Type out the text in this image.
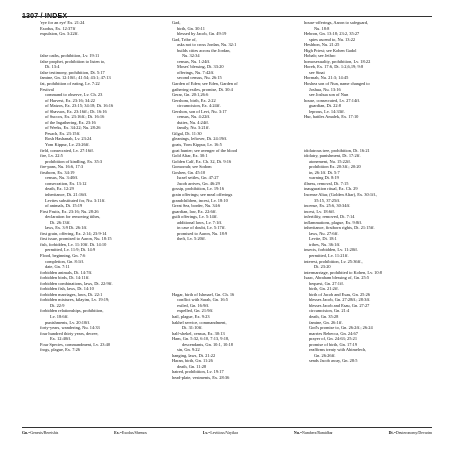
1307 / INDEX
'eye for an eye' Ex. 21:24
Exodus, Ex. 12:37ff
expulsion, Gn. 3:22ff.
false oaths, prohibition, Lv. 19:11
false prophet, prohibition to listen to,
Dt. 13:4
false testimony, prohibition, Dt. 5:17
famine, Gn. 12:10ff.; 41:54; 43:1; 47:13
fat, prohibition of eating, Lv. 7:22
Festival
command to observe, Lv. Ch. 23
of Harvest, Ex. 23:16; 34:22
of Matzos, Ex. 23:15; 34:18; Dt. 16:16
of Shavuos, Ex. 23:16ff.; Dt. 16:16
of Succos, Ex. 23:16ff.; Dt. 16:16
of the Ingathering, Ex. 23:16
of Weeks, Ex. 34:22; Nu. 28:26
Pesach, Ex. 23:15ff.
Rosh Hashanah, Lv. 23:24
Yom Kippur, Lv. 23:26ff.
field, consecrated, Lv. 27:16ff.
fire, Lv. 22:5
prohibition of kindling, Ex. 35:3
fire-pans, Nu. 16:6, 17:3
firstborn, Ex. 34:19
census, Nu. 3:40ff.
consecration, Ex. 13:12
death, Ex. 12:29
inheritance, Dt. 21:16ff.
Levites substituted for, Nu. 3:11ff.
of animals, Dt. 15:19
First Fruits, Ex. 23:16; Nu. 28:26
declaration for removing tithes,
Dt. 26:13ff.
laws, Ex. 3:9 Dt. 26:1ff.
first grain, offering, Ex. 2:14; 23:9-14
first issue, promised to Aaron, Nu. 18:15
fish, forbidden, Lv. 11:10ff. Dt. 14:10
permitted, Lv. 11:9; Dt. 14:9
Flood, beginning, Gn. 7:6
completion, Gn. 8:1ff.
date, Gn. 7:11
forbidden animals, Dt. 14:7ff.
forbidden birds, Dt. 14:11ff.
forbidden combinations, laws, Dt. 22:9ff.
forbidden fish, laws, Dt. 14:10
forbidden marriages, laws, Dt. 22:1
forbidden mixtures, kilayim, Lv. 19:19;
Dt. 22:9
forbidden relationships, prohibition,
Lv. 18:6ff.
punishments, Lv. 20:10ff.
forty-years, wandering, Nu. 14:33
four hundred thirty years, decree,
Ex. 12:40ff.
Four Species, commandment, Lv. 23:40
frogs, plague, Ex. 7:26
Gad,
birth, Gn. 30:11
blessed by Jacob, Gn. 49:19
Gad, Tribe of,
asks not to cross Jordan, Nu. 32:1
builds cities across the Jordan,
Nu. 32:34
census, Nu. 1:24ff.
Moses' blessing, Dt. 33:20
offerings, Nu. 7:42ff.
second census, Nu. 26:15
Garden of Eden; see Eden, Garden of
gathering exiles, promise, Dt. 30:4
Gerar, Gn. 20:1,26:6
Gershom, birth, Ex. 2:22
circumcision, Ex. 4:24ff.
Gershon, son of Levi, Nu. 3:17
census, Nu. 4:22ff.
duties, Nu. 4:24ff.
family, Nu. 3:21ff.
Gilgal, Dt. 11:30
gleanings, leftover, Dt. 24:19ff.
goats, Yom Kippur, Lv. 16:5
goat hunter; see avenger of the blood
Gold Altar, Ex. 30:1
Golden Calf, Ex. Ch. 32, Dt. 9:16
Gomorrah; see Sodom
Goshen, Gn. 45:10
Israel settles, Gn. 47:27
Jacob arrives, Gn. 46:29
gossip, prohibition, Lv. 19:16
grain offerings; see meal offerings
grandchildren, incest, Lv. 18:10
Great Sea, border, Nu. 34:6
guardian, law, Ex. 22:6ff.
guilt offerings, Lv. 5:14ff.
additional laws, Lv. 7:1ff.
in case of doubt, Lv. 5:17ff.
promised to Aaron, Nu. 18:9
theft, Lv. 5:20ff.
Hagar, birth of Ishmael, Gn. Ch. 16
conflict with Sarah, Gn. 16:5
exiled, Gn. 16:9ff.
expelled, Gn. 21:9ff.
hail, plague, Ex. 9:23
hakhel service, commandment,
Dt. 31:10ff.
half-shekel, census, Ex. 30:13
Ham, Gn. 5:32, 6:10, 7:13, 9:18,
descendants, Gn. 10:1, 10:18
sin, Gn. 9:22
hanging, laws, Dt. 21:22
Haran, birth, Gn. 11:26
death, Gn. 11:28
hatred, prohibition, Lv. 19:17
head-plate, vestments, Ex. 28:36
house-offerings, Aaron to safeguard,
Nu. 18:8
Hebron, Gn. 13:18; 23:2, 35:27
spies ascend to, Nu. 13:22
Heshbon, Nu. 21:25
High Priest; see Kohen Gadol
Hobab; see Jethro
homosexuality, prohibition, Lv. 18:22
Horeb, Ex. 17:6, Dt. 1:2,6,19; 9:8
see Sinai
Hormah, Nu. 21:3; 14:45
Hoshea son of Nun, name changed to
Joshua, Nu. 13:16
see Joshua son of Nun
house, consecrated, Lv. 27:14ff.
guardian, Dt. 22:8
leprous, Lv. 14:33ff.
Hur, battles Amalek, Ex. 17:10
idolatrous tree, prohibition, Dt. 16:21
idolatry, punishment, Dt. 17:2ff.
atonement, Nu. 15:22ff.
prohibition Ex. 20:3ff.; 20:20
in, 26:1ff. Dt. 5:7
warning Dt. 8:19
illness, removal, Dt. 7:15
inauguration ritual, Ex. Ch. 29
Incense Altar, (Golden Altar), Ex. 30:1ff.,
35:15, 37:25ff.
incense, Ex. 25:6, 30:34ff.
incest, Lv. 18:6ff.
infertility, removed, Dt. 7:14
inflammations, plague, Ex. 9:8ff.
inheritance, firstborn rights, Dt. 21:15ff.
laws, Nu. 27:6ff.
Levite, Dt. 18:1
tribes, Nu. 36:1ff.
insects, forbidden, Lv. 11:20ff.
permitted, Lv. 11:21ff.
interest, prohibition, Lv. 25:36ff.,
Dt. 23:20
intermarriage, prohibited to Kohen, Lv. 10:8
Isaac, Abraham blessing of, Gn. 25:5
bequest, Gn. 27:1ff.
birth, Gn. 21:2ff.
birth of Jacob and Esau, Gn. 25:26
blesses Jacob, Gn. 27:28ff.; 28:3ff.
blesses Jacob and Esau, Gn. 27:27
circumcision, Gn. 21:4
death, Gn. 35:28
famine, Gn. 26:1ff.
God's promise to, Gn. 26:2ff.; 26:24
marries Rebecca, Gn. 24:67
prayer of, Gn. 24:63; 25:21
promise of birth, Gn. 17:19
reaffirms treaty with Abimelech,
Gn. 26:26ff.
sends Jacob away, Gn. 28:5
Gn.=Genesis/Bereishis	Ex.=Exodus/Shemos	Lv.=Leviticus/Vayikra	Nu.=Numbers/Bamidbar	Dt.=Deuteronomy/Devarim
